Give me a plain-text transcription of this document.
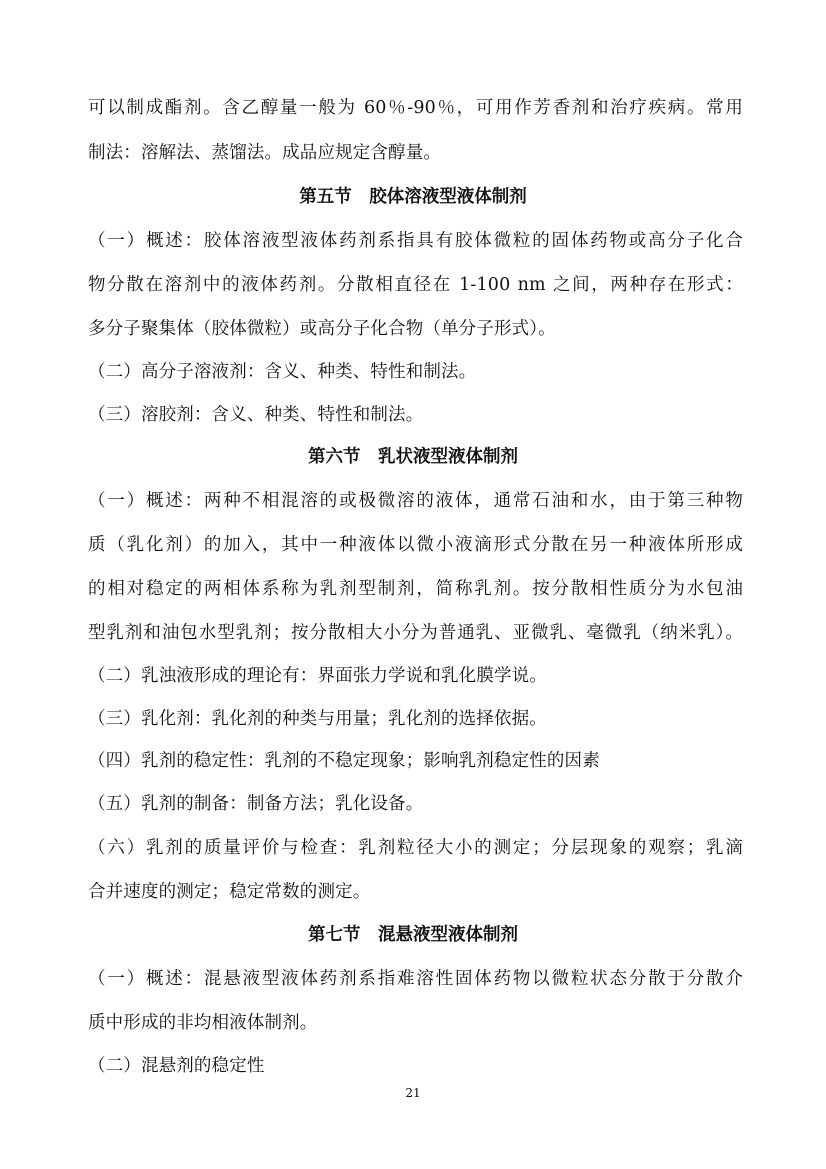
可以制成酯剂。含乙醇量一般为 60％-90％，可用作芳香剂和治疗疾病。常用
制法：溶解法、蒸馏法。成品应规定含醇量。
第五节　胶体溶液型液体制剂
（一）概述：胶体溶液型液体药剂系指具有胶体微粒的固体药物或高分子化合
物分散在溶剂中的液体药剂。分散相直径在 1-100 nm 之间，两种存在形式：
多分子聚集体（胶体微粒）或高分子化合物（单分子形式）。
（二）高分子溶液剂：含义、种类、特性和制法。
（三）溶胶剂：含义、种类、特性和制法。
第六节　乳状液型液体制剂
（一）概述：两种不相混溶的或极微溶的液体，通常石油和水，由于第三种物
质（乳化剂）的加入，其中一种液体以微小液滴形式分散在另一种液体所形成
的相对稳定的两相体系称为乳剂型制剂，简称乳剂。按分散相性质分为水包油
型乳剂和油包水型乳剂；按分散相大小分为普通乳、亚微乳、毫微乳（纳米乳）。
（二）乳浊液形成的理论有：界面张力学说和乳化膜学说。
（三）乳化剂：乳化剂的种类与用量；乳化剂的选择依据。
（四）乳剂的稳定性：乳剂的不稳定现象；影响乳剂稳定性的因素
（五）乳剂的制备：制备方法；乳化设备。
（六）乳剂的质量评价与检查：乳剂粒径大小的测定；分层现象的观察；乳滴
合并速度的测定；稳定常数的测定。
第七节　混悬液型液体制剂
（一）概述：混悬液型液体药剂系指难溶性固体药物以微粒状态分散于分散介
质中形成的非均相液体制剂。
（二）混悬剂的稳定性
21
